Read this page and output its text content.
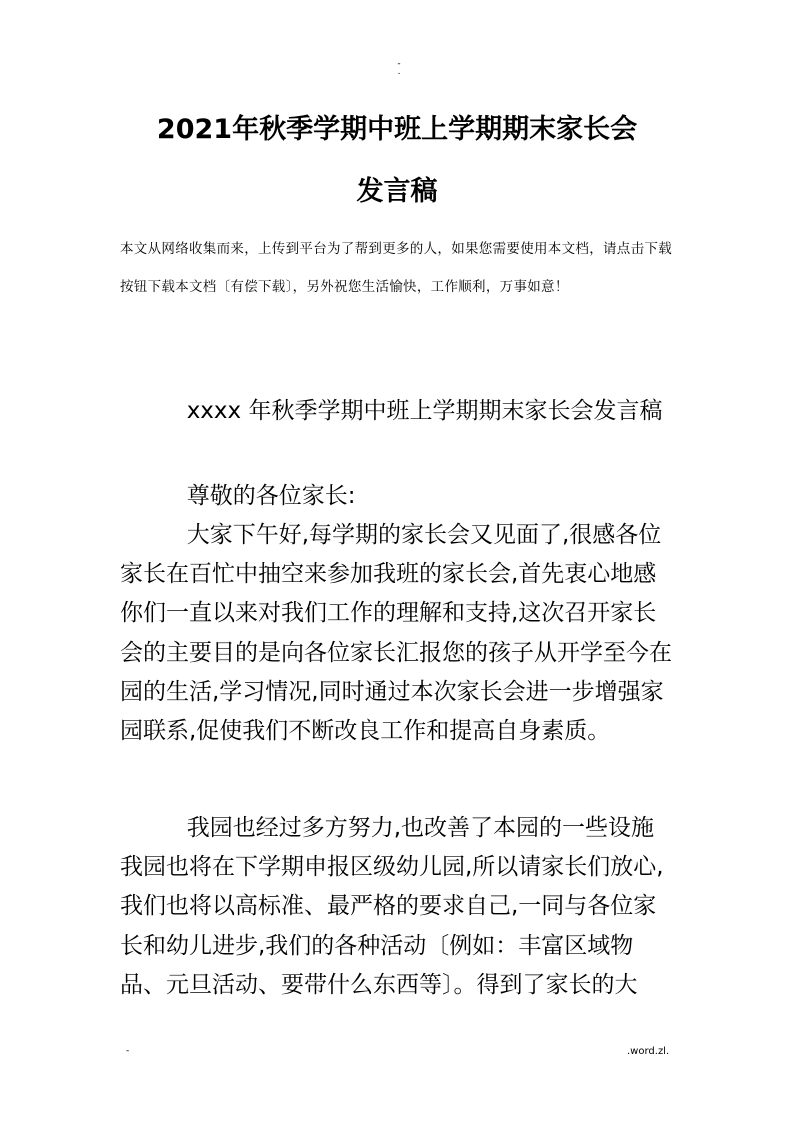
-
.
2021年秋季学期中班上学期期末家长会
发言稿
本文从网络收集而来，上传到平台为了帮到更多的人，如果您需要使用本文档，请点击下载按钮下载本文档〔有偿下载〕，另外祝您生活愉快，工作顺利，万事如意！

xxxx 年秋季学期中班上学期期末家长会发言稿

尊敬的各位家长:

大家下午好,每学期的家长会又见面了,很感各位家长在百忙中抽空来参加我班的家长会,首先衷心地感你们一直以来对我们工作的理解和支持,这次召开家长会的主要目的是向各位家长汇报您的孩子从开学至今在园的生活,学习情况,同时通过本次家长会进一步增强家园联系,促使我们不断改良工作和提高自身素质。

我园也经过多方努力,也改善了本园的一些设施我园也将在下学期申报区级幼儿园,所以请家长们放心,我们也将以高标准、最严格的要求自己,一同与各位家长和幼儿进步,我们的各种活动〔例如：丰富区域物品、元旦活动、要带什么东西等〕。得到了家长的大

-	.word.zl.
